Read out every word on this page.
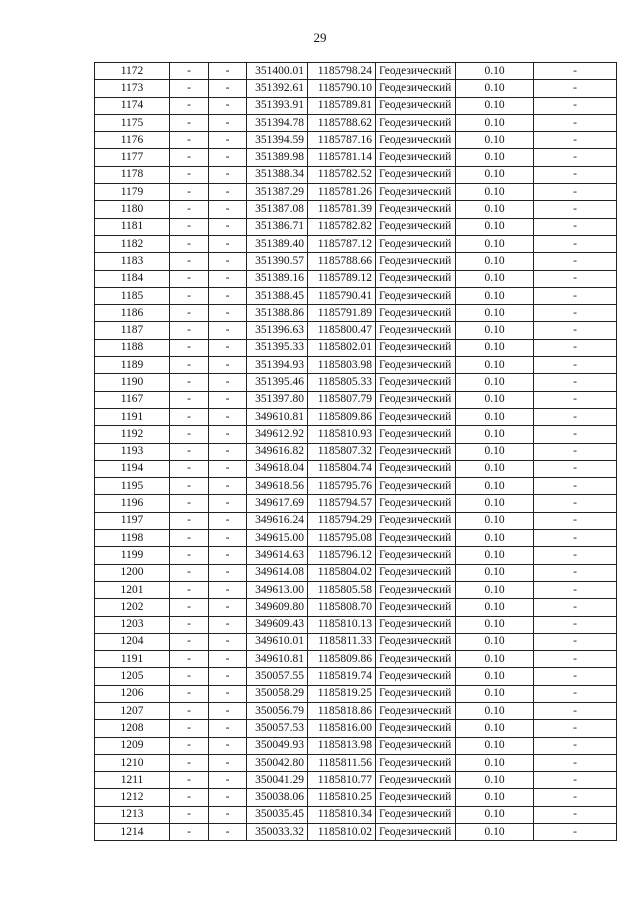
29
1172	-	-	351400.01	1185798.24	Геодезический	0.10	-
1173	-	-	351392.61	1185790.10	Геодезический	0.10	-
1174	-	-	351393.91	1185789.81	Геодезический	0.10	-
1175	-	-	351394.78	1185788.62	Геодезический	0.10	-
1176	-	-	351394.59	1185787.16	Геодезический	0.10	-
1177	-	-	351389.98	1185781.14	Геодезический	0.10	-
1178	-	-	351388.34	1185782.52	Геодезический	0.10	-
1179	-	-	351387.29	1185781.26	Геодезический	0.10	-
1180	-	-	351387.08	1185781.39	Геодезический	0.10	-
1181	-	-	351386.71	1185782.82	Геодезический	0.10	-
1182	-	-	351389.40	1185787.12	Геодезический	0.10	-
1183	-	-	351390.57	1185788.66	Геодезический	0.10	-
1184	-	-	351389.16	1185789.12	Геодезический	0.10	-
1185	-	-	351388.45	1185790.41	Геодезический	0.10	-
1186	-	-	351388.86	1185791.89	Геодезический	0.10	-
1187	-	-	351396.63	1185800.47	Геодезический	0.10	-
1188	-	-	351395.33	1185802.01	Геодезический	0.10	-
1189	-	-	351394.93	1185803.98	Геодезический	0.10	-
1190	-	-	351395.46	1185805.33	Геодезический	0.10	-
1167	-	-	351397.80	1185807.79	Геодезический	0.10	-
1191	-	-	349610.81	1185809.86	Геодезический	0.10	-
1192	-	-	349612.92	1185810.93	Геодезический	0.10	-
1193	-	-	349616.82	1185807.32	Геодезический	0.10	-
1194	-	-	349618.04	1185804.74	Геодезический	0.10	-
1195	-	-	349618.56	1185795.76	Геодезический	0.10	-
1196	-	-	349617.69	1185794.57	Геодезический	0.10	-
1197	-	-	349616.24	1185794.29	Геодезический	0.10	-
1198	-	-	349615.00	1185795.08	Геодезический	0.10	-
1199	-	-	349614.63	1185796.12	Геодезический	0.10	-
1200	-	-	349614.08	1185804.02	Геодезический	0.10	-
1201	-	-	349613.00	1185805.58	Геодезический	0.10	-
1202	-	-	349609.80	1185808.70	Геодезический	0.10	-
1203	-	-	349609.43	1185810.13	Геодезический	0.10	-
1204	-	-	349610.01	1185811.33	Геодезический	0.10	-
1191	-	-	349610.81	1185809.86	Геодезический	0.10	-
1205	-	-	350057.55	1185819.74	Геодезический	0.10	-
1206	-	-	350058.29	1185819.25	Геодезический	0.10	-
1207	-	-	350056.79	1185818.86	Геодезический	0.10	-
1208	-	-	350057.53	1185816.00	Геодезический	0.10	-
1209	-	-	350049.93	1185813.98	Геодезический	0.10	-
1210	-	-	350042.80	1185811.56	Геодезический	0.10	-
1211	-	-	350041.29	1185810.77	Геодезический	0.10	-
1212	-	-	350038.06	1185810.25	Геодезический	0.10	-
1213	-	-	350035.45	1185810.34	Геодезический	0.10	-
1214	-	-	350033.32	1185810.02	Геодезический	0.10	-
